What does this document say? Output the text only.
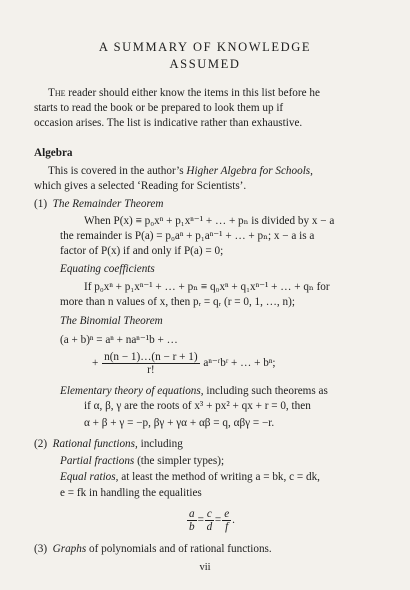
A SUMMARY OF KNOWLEDGE
ASSUMED
The reader should either know the items in this list before he
starts to read the book or be prepared to look them up if
occasion arises. The list is indicative rather than exhaustive.
Algebra
This is covered in the author’s Higher Algebra for Schools,
which gives a selected ‘Reading for Scientists’.
(1) The Remainder Theorem
When P(x) ≡ p₀xⁿ + p₁xⁿ⁻¹ + … + pₙ is divided by x − a
the remainder is P(a) = p₀aⁿ + p₁aⁿ⁻¹ + … + pₙ; x − a is a
factor of P(x) if and only if P(a) = 0;
Equating coefficients
If p₀xⁿ + p₁xⁿ⁻¹ + … + pₙ ≡ q₀xⁿ + q₁xⁿ⁻¹ + … + qₙ for
more than n values of x, then pᵣ = qᵣ (r = 0, 1, …, n);
The Binomial Theorem
(a + b)ⁿ = aⁿ + naⁿ⁻¹b + …
+ $\frac{n(n - 1)\dots(n - r + 1)}{r!}$ aⁿ⁻ʳbʳ + … + bⁿ;
Elementary theory of equations, including such theorems as
if α, β, γ are the roots of x³ + px² + qx + r = 0, then
α + β + γ = −p, βγ + γα + αβ = q, αβγ = −r.
(2) Rational functions, including
Partial fractions (the simpler types);
Equal ratios, at least the method of writing a = bk, c = dk,
e = fk in handling the equalities
$\frac{a}{b} = \frac{c}{d} = \frac{e}{f}$ .
(3) Graphs of polynomials and of rational functions.
vii
